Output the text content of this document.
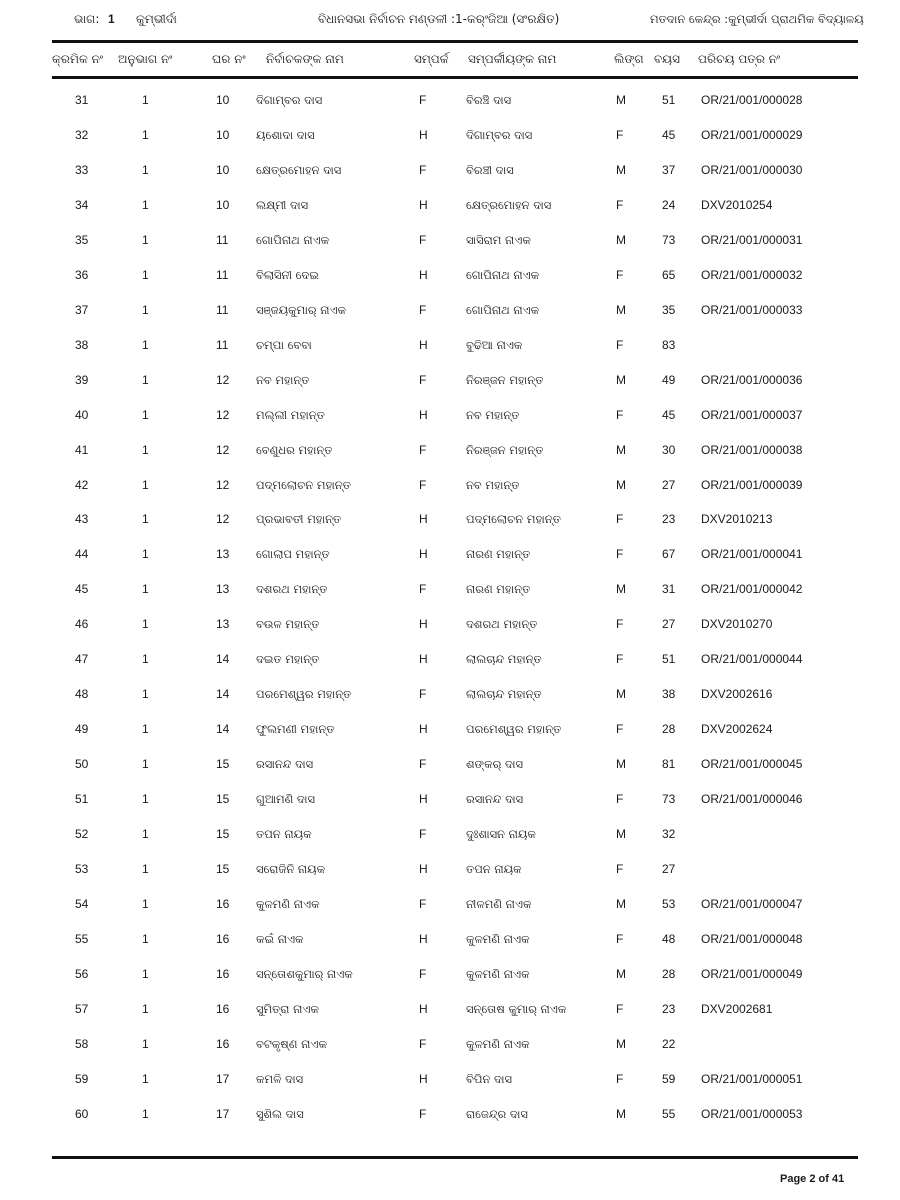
ଭାଗ: 1 କୁମ୍ଭୀର୍ଦା	ବିଧାନସଭା ନିର୍ବାଚନ ମଣ୍ଡଳୀ :1-କର୍ଂଜିଆ (ସଂରକ୍ଷିତ)	ମତଦାନ କେନ୍ଦ୍ର :କୁମ୍ଭୀର୍ଦା ପ୍ରାଥମିକ ବିଦ୍ୟାଳୟ
କ୍ରମିକ ନଂ ଅନୁଭାଗ ନଂ	ଘର ନଂ ନିର୍ବାଚକଙ୍କ ନାମ	ସମ୍ପର୍କ ସମ୍ପର୍କୀୟଙ୍କ ନାମ	ଲିଙ୍ଗ ବୟସ ପରିଚୟ ପତ୍ର ନଂ
31	1	10 ଦିଗାମ୍ବର ଦାସ	F	ବିରଞ୍ଚି ଦାସ	M	51 OR/21/001/000028
32	1	10 ୟଶୋଦା ଦାସ	H	ଦିଗାମ୍ବର ଦାସ	F	45 OR/21/001/000029
33	1	10 କ୍ଷେତ୍ରମୋହନ ଦାସ	F	ବିରଞ୍ଚୀ ଦାସ	M	37 OR/21/001/000030
34	1	10 ଲକ୍ଷ୍ମୀ ଦାସ	H	କ୍ଷେତ୍ରମୋହନ ଦାସ	F	24 DXV2010254
35	1	11 ଗୋପିନାଥ ନାଏକ	F	ସାସିରାମ ନାଏକ	M	73 OR/21/001/000031
36	1	11 ବିଲାସିନୀ ଦେଇ	H	ଗୋପିନାଥ ନାଏକ	F	65 OR/21/001/000032
37	1	11 ସଞ୍ଜୟକୁମାର୍ ନାଏକ	F	ଗୋପିନାଥ ନାଏକ	M	35 OR/21/001/000033
38	1	11 ଚମ୍ପା ବେବା	H	ବୁଢିଆ ନାଏକ	F	83
39	1	12 ନବ ମହାନ୍ତ	F	ନିରଞ୍ଜନ ମହାନ୍ତ	M	49 OR/21/001/000036
40	1	12 ମଲ୍ଲୀ ମହାନ୍ତ	H	ନବ ମହାନ୍ତ	F	45 OR/21/001/000037
41	1	12 ବେଣୁଧର ମହାନ୍ତ	F	ନିରଞ୍ଜନ ମହାନ୍ତ	M	30 OR/21/001/000038
42	1	12 ପଦ୍ମଲୋଚନ ମହାନ୍ତ	F	ନବ ମହାନ୍ତ	M	27 OR/21/001/000039
43	1	12 ପ୍ରଭାବତୀ ମହାନ୍ତ	H	ପଦ୍ମଲୋଚନ ମହାନ୍ତ	F	23 DXV2010213
44	1	13 ଗୋଲାପ ମହାନ୍ତ	H	ନାରଣ ମହାନ୍ତ	F	67 OR/21/001/000041
45	1	13 ଦଶରଥ ମହାନ୍ତ	F	ନାରଣ ମହାନ୍ତ	M	31 OR/21/001/000042
46	1	13 ବଉଳ ମହାନ୍ତ	H	ଦଶରଥ ମହାନ୍ତ	F	27 DXV2010270
47	1	14 ଦଇତ ମହାନ୍ତ	H	ଲାଲଚାନ୍ଦ ମହାନ୍ତ	F	51 OR/21/001/000044
48	1	14 ପରମେଶ୍ୱର ମହାନ୍ତ	F	ଲାଲଚାନ୍ଦ ମହାନ୍ତ	M	38 DXV2002616
49	1	14 ଫୁଲମଣୀ ମହାନ୍ତ	H	ପରମେଶ୍ୱର ମହାନ୍ତ	F	28 DXV2002624
50	1	15 ରସାନନ୍ଦ ଦାସ	F	ଶଙ୍କର୍ ଦାସ	M	81 OR/21/001/000045
51	1	15 ଗୁଆମଣି ଦାସ	H	ରସାନନ୍ଦ ଦାସ	F	73 OR/21/001/000046
52	1	15 ତପନ ନାୟକ	F	ଦୁଃଶାସନ ନାୟକ	M	32
53	1	15 ସରୋଜିନି ନାୟକ	H	ତପନ ନାୟକ	F	27
54	1	16 କୁଳମଣି ନାଏକ	F	ନୀଳମଣି ନାଏକ	M	53 OR/21/001/000047
55	1	16 କଇଁ ନାଏକ	H	କୁଳମଣି ନାଏକ	F	48 OR/21/001/000048
56	1	16 ସନ୍ତୋଶକୁମାର୍ ନାଏକ	F	କୁଳମଣି ନାଏକ	M	28 OR/21/001/000049
57	1	16 ସୁମିତ୍ରା ନାଏକ	H	ସନ୍ତୋଷ କୁମାର୍ ନାଏକ	F	23 DXV2002681
58	1	16 ବଟକୃଷ୍ଣ ନାଏକ	F	କୁଳମଣି ନାଏକ	M	22
59	1	17 କମଳି ଦାସ	H	ବିପିନ ଦାସ	F	59 OR/21/001/000051
60	1	17 ସୁଶିଲ ଦାସ	F	ରାଜେନ୍ଦ୍ର ଦାସ	M	55 OR/21/001/000053
Page 2 of 41
